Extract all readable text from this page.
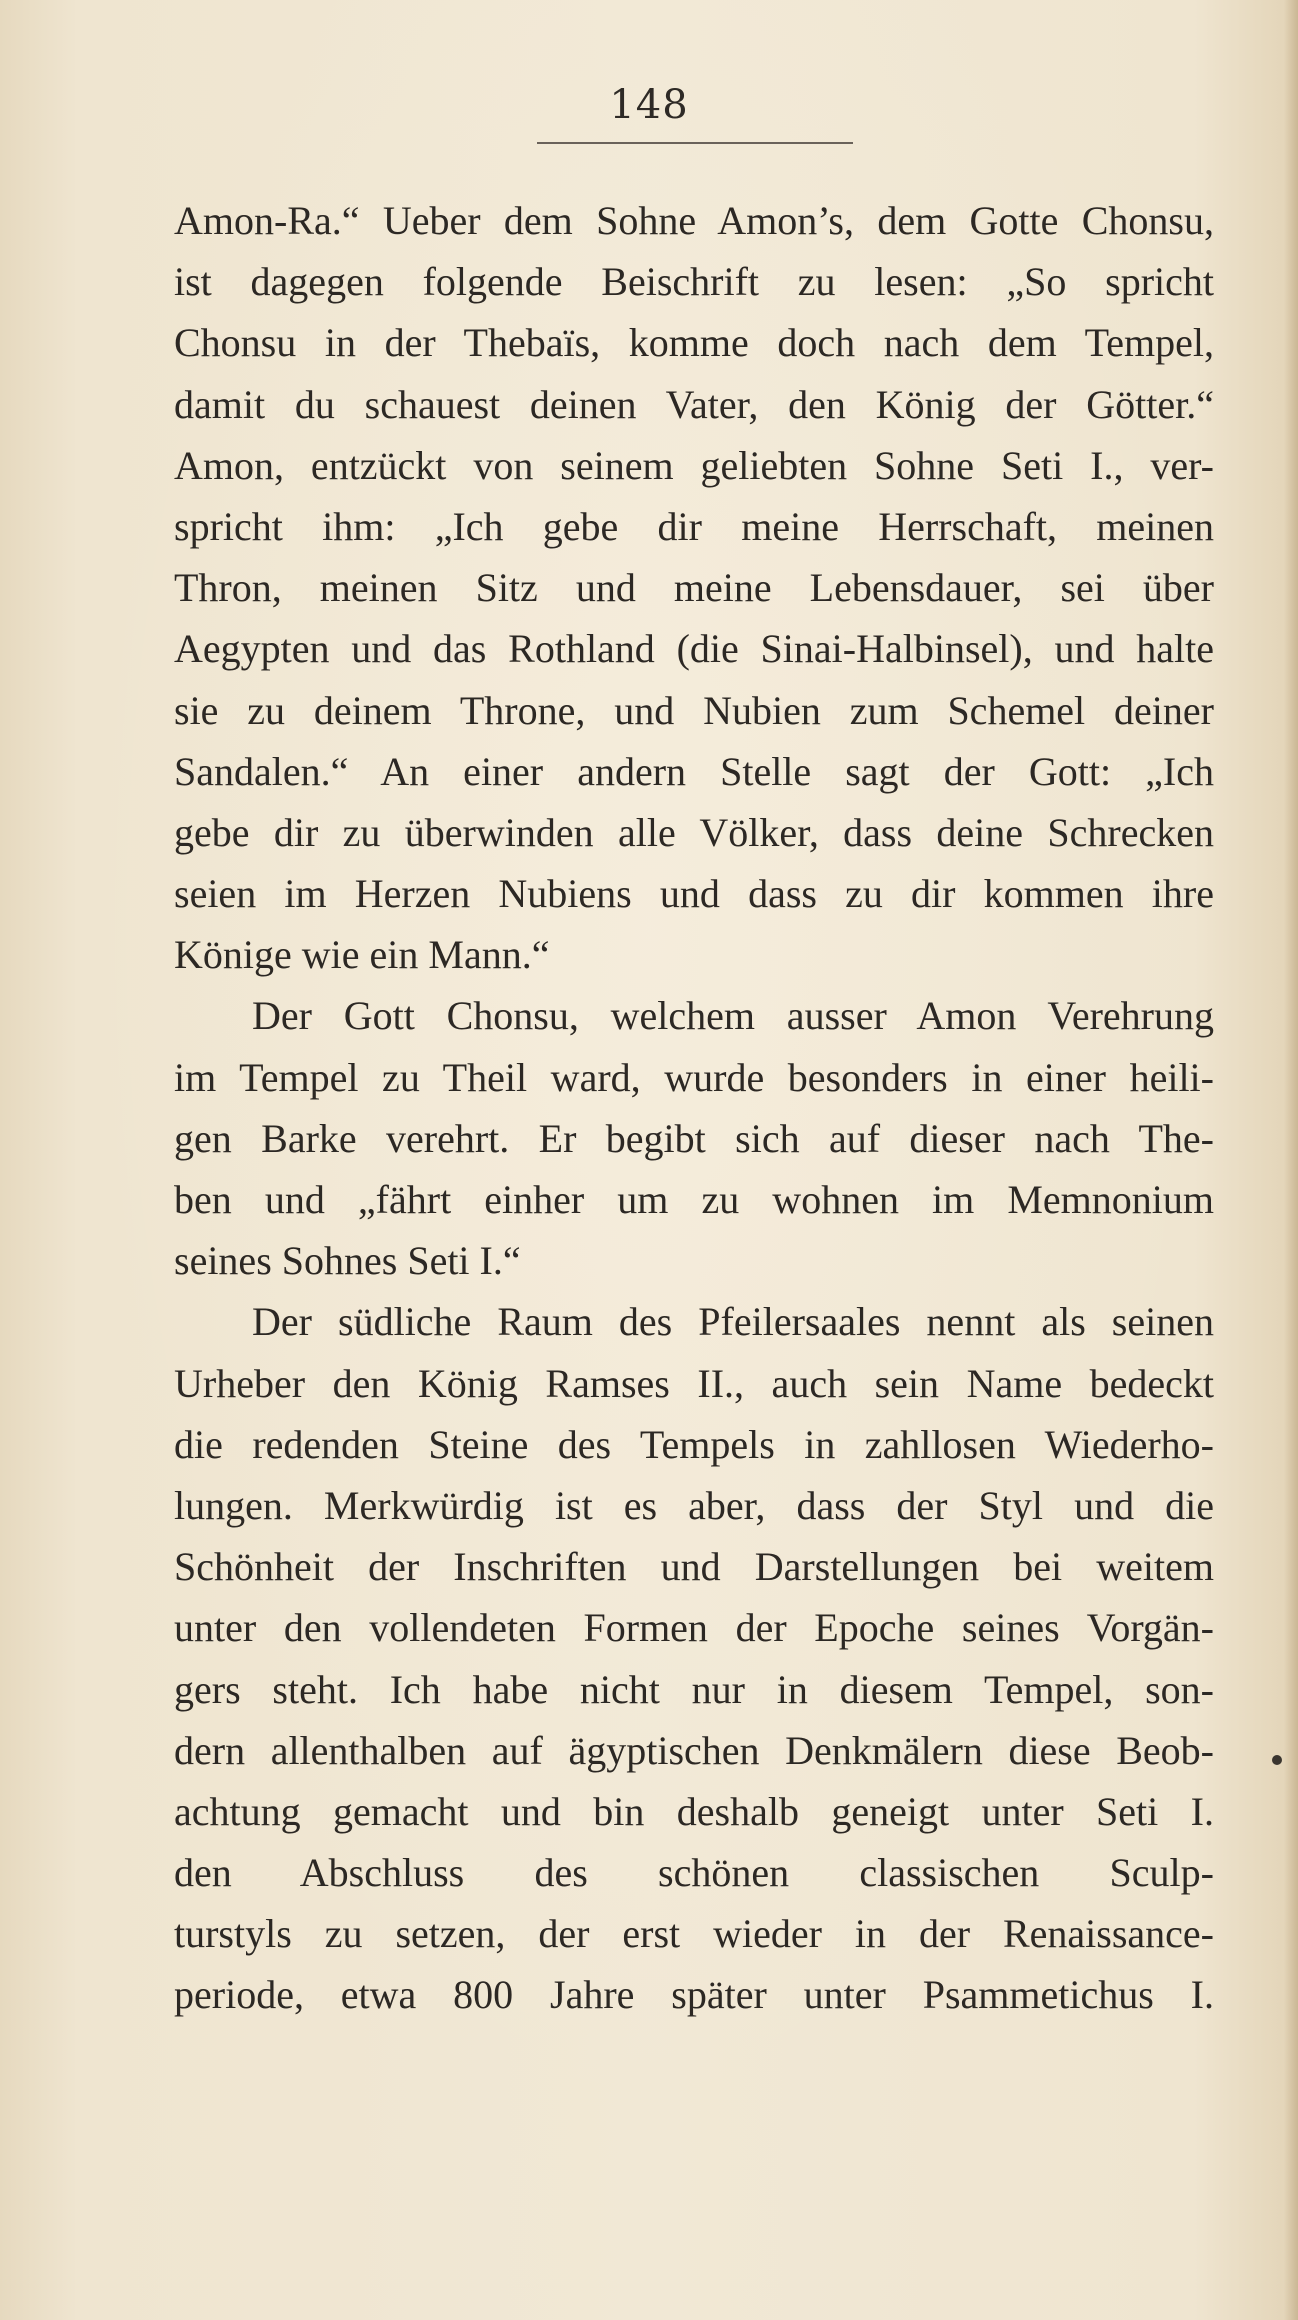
148
Amon-Ra.“ Ueber dem Sohne Amon’s, dem Gotte Chonsu,
ist dagegen folgende Beischrift zu lesen: „So spricht
Chonsu in der Thebaïs, komme doch nach dem Tempel,
damit du schauest deinen Vater, den König der Götter.“
Amon, entzückt von seinem geliebten Sohne Seti I., ver-
spricht ihm: „Ich gebe dir meine Herrschaft, meinen
Thron, meinen Sitz und meine Lebensdauer, sei über
Aegypten und das Rothland (die Sinai-Halbinsel), und halte
sie zu deinem Throne, und Nubien zum Schemel deiner
Sandalen.“ An einer andern Stelle sagt der Gott: „Ich
gebe dir zu überwinden alle Völker, dass deine Schrecken
seien im Herzen Nubiens und dass zu dir kommen ihre
Könige wie ein Mann.“
Der Gott Chonsu, welchem ausser Amon Verehrung
im Tempel zu Theil ward, wurde besonders in einer heili-
gen Barke verehrt. Er begibt sich auf dieser nach The-
ben und „fährt einher um zu wohnen im Memnonium
seines Sohnes Seti I.“
Der südliche Raum des Pfeilersaales nennt als seinen
Urheber den König Ramses II., auch sein Name bedeckt
die redenden Steine des Tempels in zahllosen Wiederho-
lungen. Merkwürdig ist es aber, dass der Styl und die
Schönheit der Inschriften und Darstellungen bei weitem
unter den vollendeten Formen der Epoche seines Vorgän-
gers steht. Ich habe nicht nur in diesem Tempel, son-
dern allenthalben auf ägyptischen Denkmälern diese Beob-
achtung gemacht und bin deshalb geneigt unter Seti I.
den Abschluss des schönen classischen Sculp-
turstyls zu setzen, der erst wieder in der Renaissance-
periode, etwa 800 Jahre später unter Psammetichus I.
